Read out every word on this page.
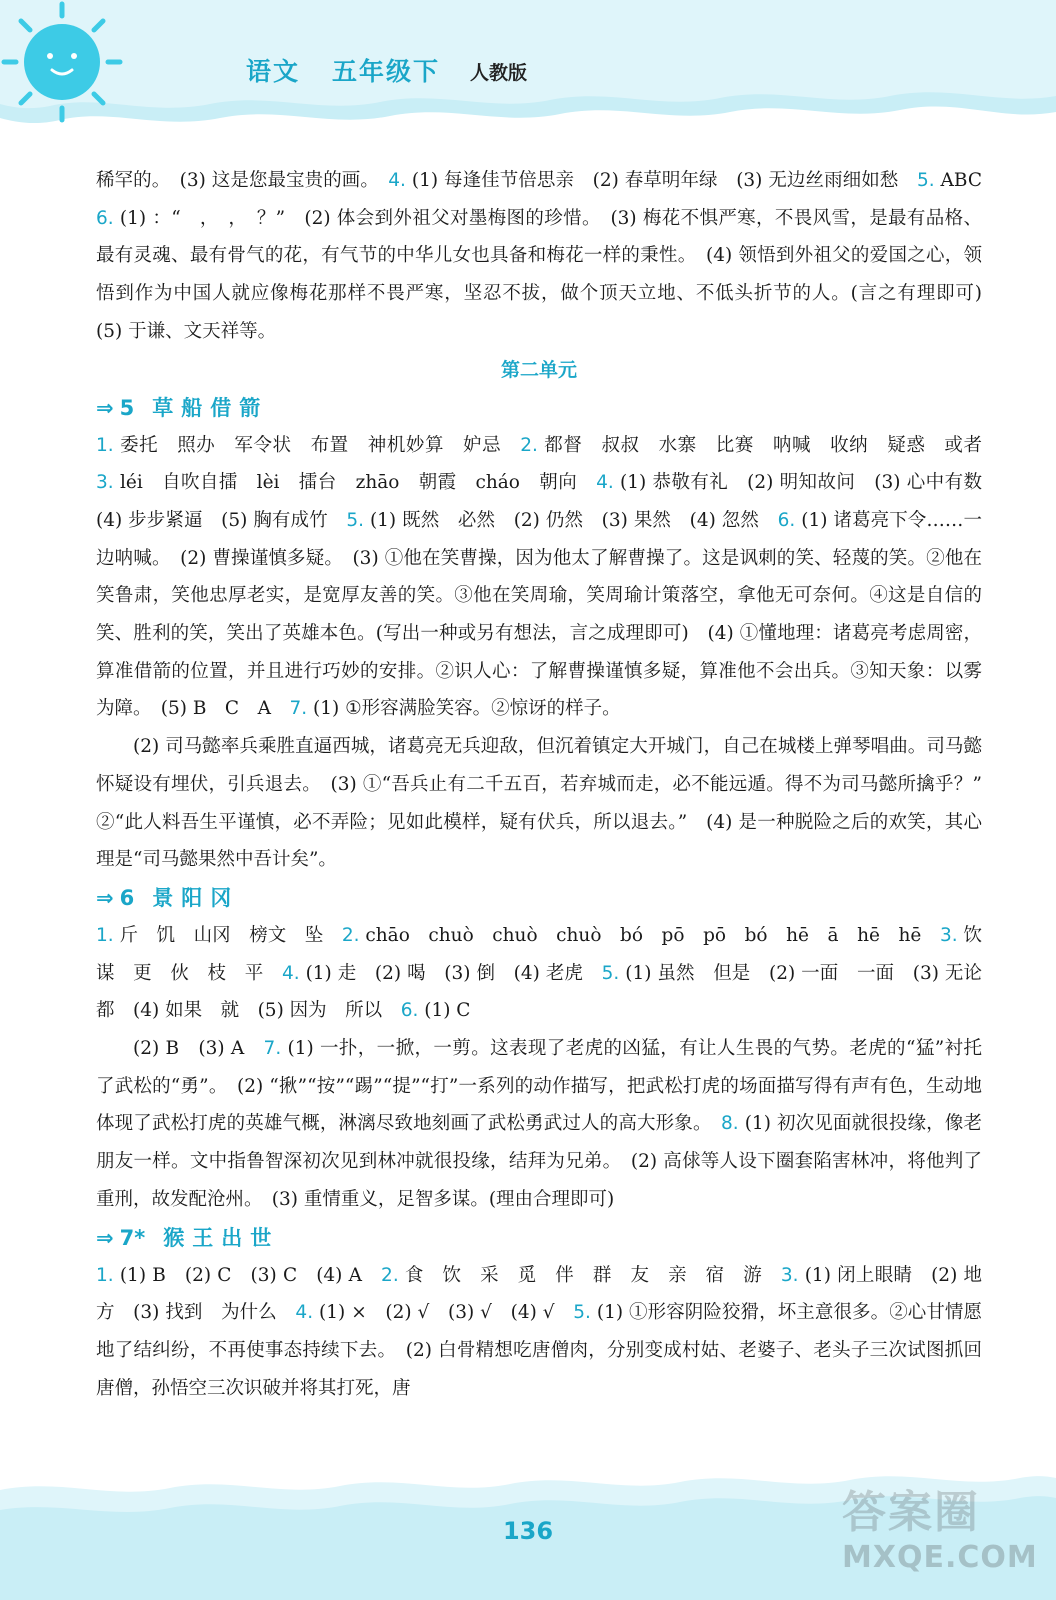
语文 五年级下 人教版

稀罕的。　(3) 这是您最宝贵的画。　4. (1) 每逢佳节倍思亲　(2) 春草明年绿　(3) 无边丝雨细如愁　5. ABC　6. (1) ：“　，　，　？”　(2) 体会到外祖父对墨梅图的珍惜。　(3) 梅花不惧严寒，不畏风雪，是最有品格、最有灵魂、最有骨气的花，有气节的中华儿女也具备和梅花一样的秉性。　(4) 领悟到外祖父的爱国之心，领悟到作为中国人就应像梅花那样不畏严寒，坚忍不拔，做个顶天立地、不低头折节的人。(言之有理即可)　(5) 于谦、文天祥等。

第二单元

⇒ 5 草船借箭

1. 委托　照办　军令状　布置　神机妙算　妒忌　2. 都督　叔叔　水寨　比赛　呐喊　收纳　疑惑　或者　3. léi　自吹自擂　lèi　擂台　zhāo　朝霞　cháo　朝向　4. (1) 恭敬有礼　(2) 明知故问　(3) 心中有数　(4) 步步紧逼　(5) 胸有成竹　5. (1) 既然　必然　(2) 仍然　(3) 果然　(4) 忽然　6. (1) 诸葛亮下令……一边呐喊。　(2) 曹操谨慎多疑。　(3) ①他在笑曹操，因为他太了解曹操了。这是讽刺的笑、轻蔑的笑。②他在笑鲁肃，笑他忠厚老实，是宽厚友善的笑。③他在笑周瑜，笑周瑜计策落空，拿他无可奈何。④这是自信的笑、胜利的笑，笑出了英雄本色。(写出一种或另有想法，言之成理即可)　(4) ①懂地理：诸葛亮考虑周密，算准借箭的位置，并且进行巧妙的安排。②识人心：了解曹操谨慎多疑，算准他不会出兵。③知天象：以雾为障。　(5) B　C　A　7. (1) ①形容满脸笑容。②惊讶的样子。

(2) 司马懿率兵乘胜直逼西城，诸葛亮无兵迎敌，但沉着镇定大开城门，自己在城楼上弹琴唱曲。司马懿怀疑设有埋伏，引兵退去。　(3) ①“吾兵止有二千五百，若弃城而走，必不能远遁。得不为司马懿所擒乎？”　②“此人料吾生平谨慎，必不弄险；见如此模样，疑有伏兵，所以退去。”　(4) 是一种脱险之后的欢笑，其心理是“司马懿果然中吾计矣”。

⇒ 6 景阳冈

1. 斤　饥　山冈　榜文　坠　2. chāo　chuò　chuò　chuò　bó　pō　pō　bó　hē　ā　hē　hē　3. 饮　谋　更　伙　枝　平　4. (1) 走　(2) 喝　(3) 倒　(4) 老虎　5. (1) 虽然　但是　(2) 一面　一面　(3) 无论　都　(4) 如果　就　(5) 因为　所以　6. (1) C

(2) B　(3) A　7. (1) 一扑，一掀，一剪。这表现了老虎的凶猛，有让人生畏的气势。老虎的“猛”衬托了武松的“勇”。　(2) “揪”“按”“踢”“提”“打”一系列的动作描写，把武松打虎的场面描写得有声有色，生动地体现了武松打虎的英雄气概，淋漓尽致地刻画了武松勇武过人的高大形象。　8. (1) 初次见面就很投缘，像老朋友一样。文中指鲁智深初次见到林冲就很投缘，结拜为兄弟。　(2) 高俅等人设下圈套陷害林冲，将他判了重刑，故发配沧州。　(3) 重情重义，足智多谋。(理由合理即可)

⇒ 7* 猴王出世

1. (1) B　(2) C　(3) C　(4) A　2. 食　饮　采　觅　伴　群　友　亲　宿　游　3. (1) 闭上眼睛　(2) 地方　(3) 找到　为什么　4. (1) ×　(2) √　(3) √　(4) √　5. (1) ①形容阴险狡猾，坏主意很多。②心甘情愿地了结纠纷，不再使事态持续下去。　(2) 白骨精想吃唐僧肉，分别变成村姑、老婆子、老头子三次试图抓回唐僧，孙悟空三次识破并将其打死，唐

136	答案圈
MXQE.COM
